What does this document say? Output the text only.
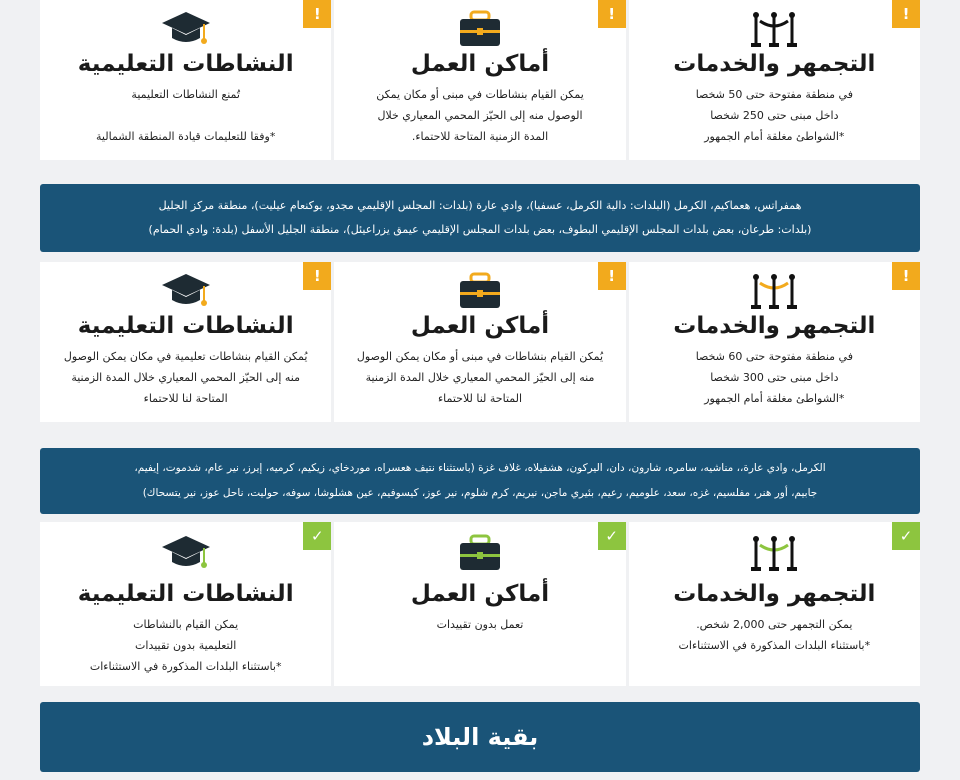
!
التجمهر والخدمات
في منطقة مفتوحة حتى 50 شخصا
داخل مبنى حتى 250 شخصا
*الشواطئ مغلقة أمام الجمهور
!
أماكن العمل
يمكن القيام بنشاطات في مبنى أو مكان يمكن
الوصول منه إلى الحيّز المحمي المعياري خلال
المدة الزمنية المتاحة للاحتماء.
!
النشاطات التعليمية
تُمنع النشاطات التعليمية
*وفقا للتعليمات قيادة المنطقة الشمالية
همفراتس، هعماكيم، الكرمل (البلدات: دالية الكرمل، عسفيا)، وادي عارة (بلدات: المجلس الإقليمي مجدو، يوكنعام عيليت)، منطقة مركز الجليل
(بلدات: طرعان، بعض بلدات المجلس الإقليمي البطوف، بعض بلدات المجلس الإقليمي عيمق يزراعيئل)، منطقة الجليل الأسفل (بلدة: وادي الحمام)
!
التجمهر والخدمات
في منطقة مفتوحة حتى 60 شخصا
داخل مبنى حتى 300 شخصا
*الشواطئ مغلقة أمام الجمهور
!
أماكن العمل
يُمكن القيام بنشاطات في مبنى أو مكان يمكن الوصول
منه إلى الحيّز المحمي المعياري خلال المدة الزمنية
المتاحة لنا للاحتماء
!
النشاطات التعليمية
يُمكن القيام بنشاطات تعليمية في مكان يمكن الوصول
منه إلى الحيّز المحمي المعياري خلال المدة الزمنية
المتاحة لنا للاحتماء
الكرمل، وادي عارة،، مناشيه، سامره، شارون، دان، اليركون، هشفيلاه، غلاف غزة (باستثناء نتيف هعسراه، موردخاي، زيكيم، كرميه، إيرز، نير عام، شدموت، إيفيم،
جابيم، أور هنر، مفلسيم، غزه، سعد، علوميم، رعيم، بئيري ماجن، نيريم، كرم شلوم، نير عوز، كيسوفيم، عين هشلوشا، سوفه، حوليت، ناحل عوز، نير يتسحاك)
✓
التجمهر والخدمات
يمكن التجمهر حتى 2,000 شخص.
*باستثناء البلدات المذكورة في الاستثناءات
✓
أماكن العمل
تعمل بدون تقييدات
✓
النشاطات التعليمية
يمكن القيام بالنشاطات
التعليمية بدون تقييدات
*باستثناء البلدات المذكورة في الاستثناءات
بقية البلاد
